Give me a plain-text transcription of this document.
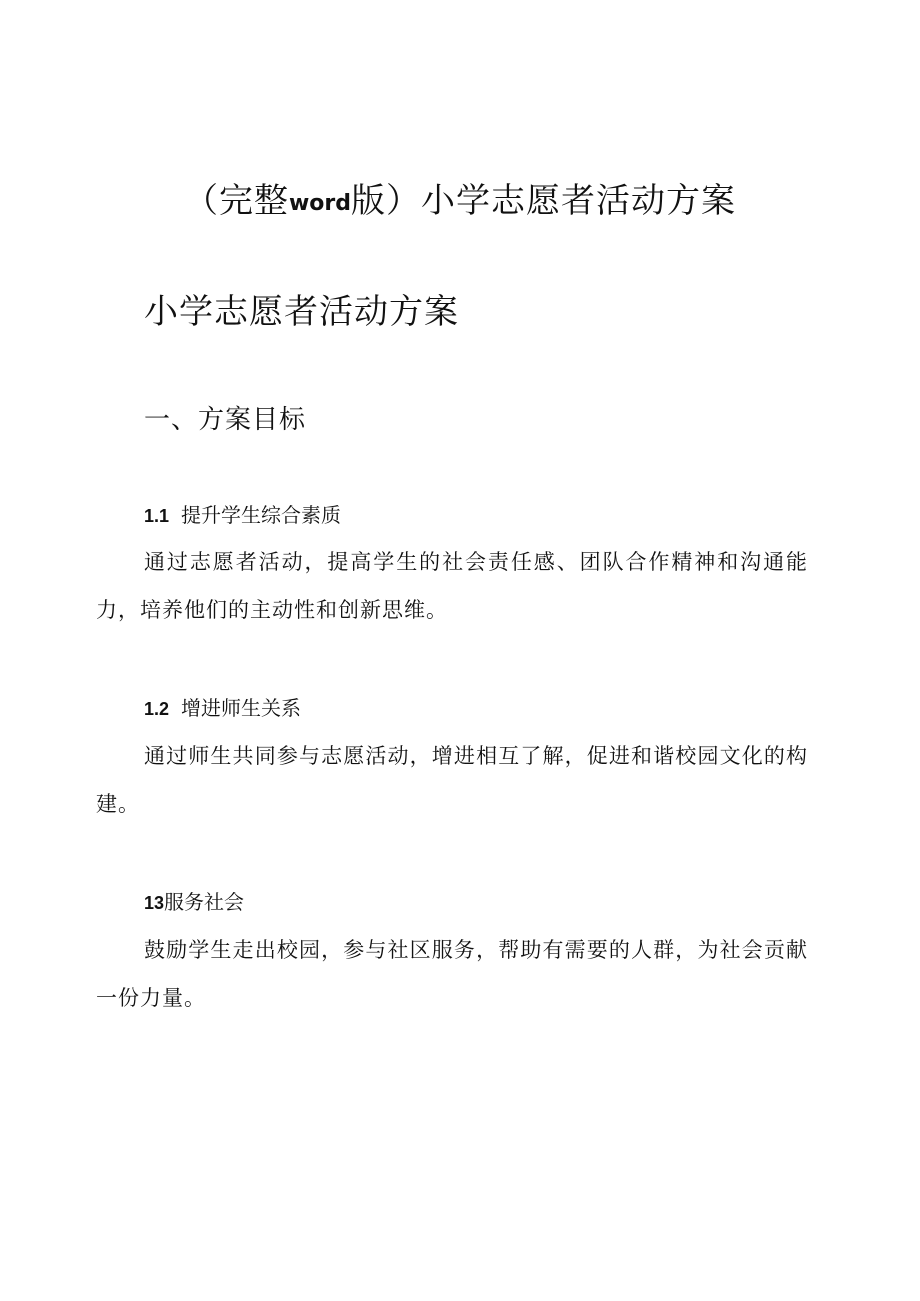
（完整word版）小学志愿者活动方案
小学志愿者活动方案
一、方案目标
1.1 提升学生综合素质
通过志愿者活动，提高学生的社会责任感、团队合作精神和沟通能力，培养他们的主动性和创新思维。
1.2 增进师生关系
通过师生共同参与志愿活动，增进相互了解，促进和谐校园文化的构建。
13服务社会
鼓励学生走出校园，参与社区服务，帮助有需要的人群，为社会贡献一份力量。
